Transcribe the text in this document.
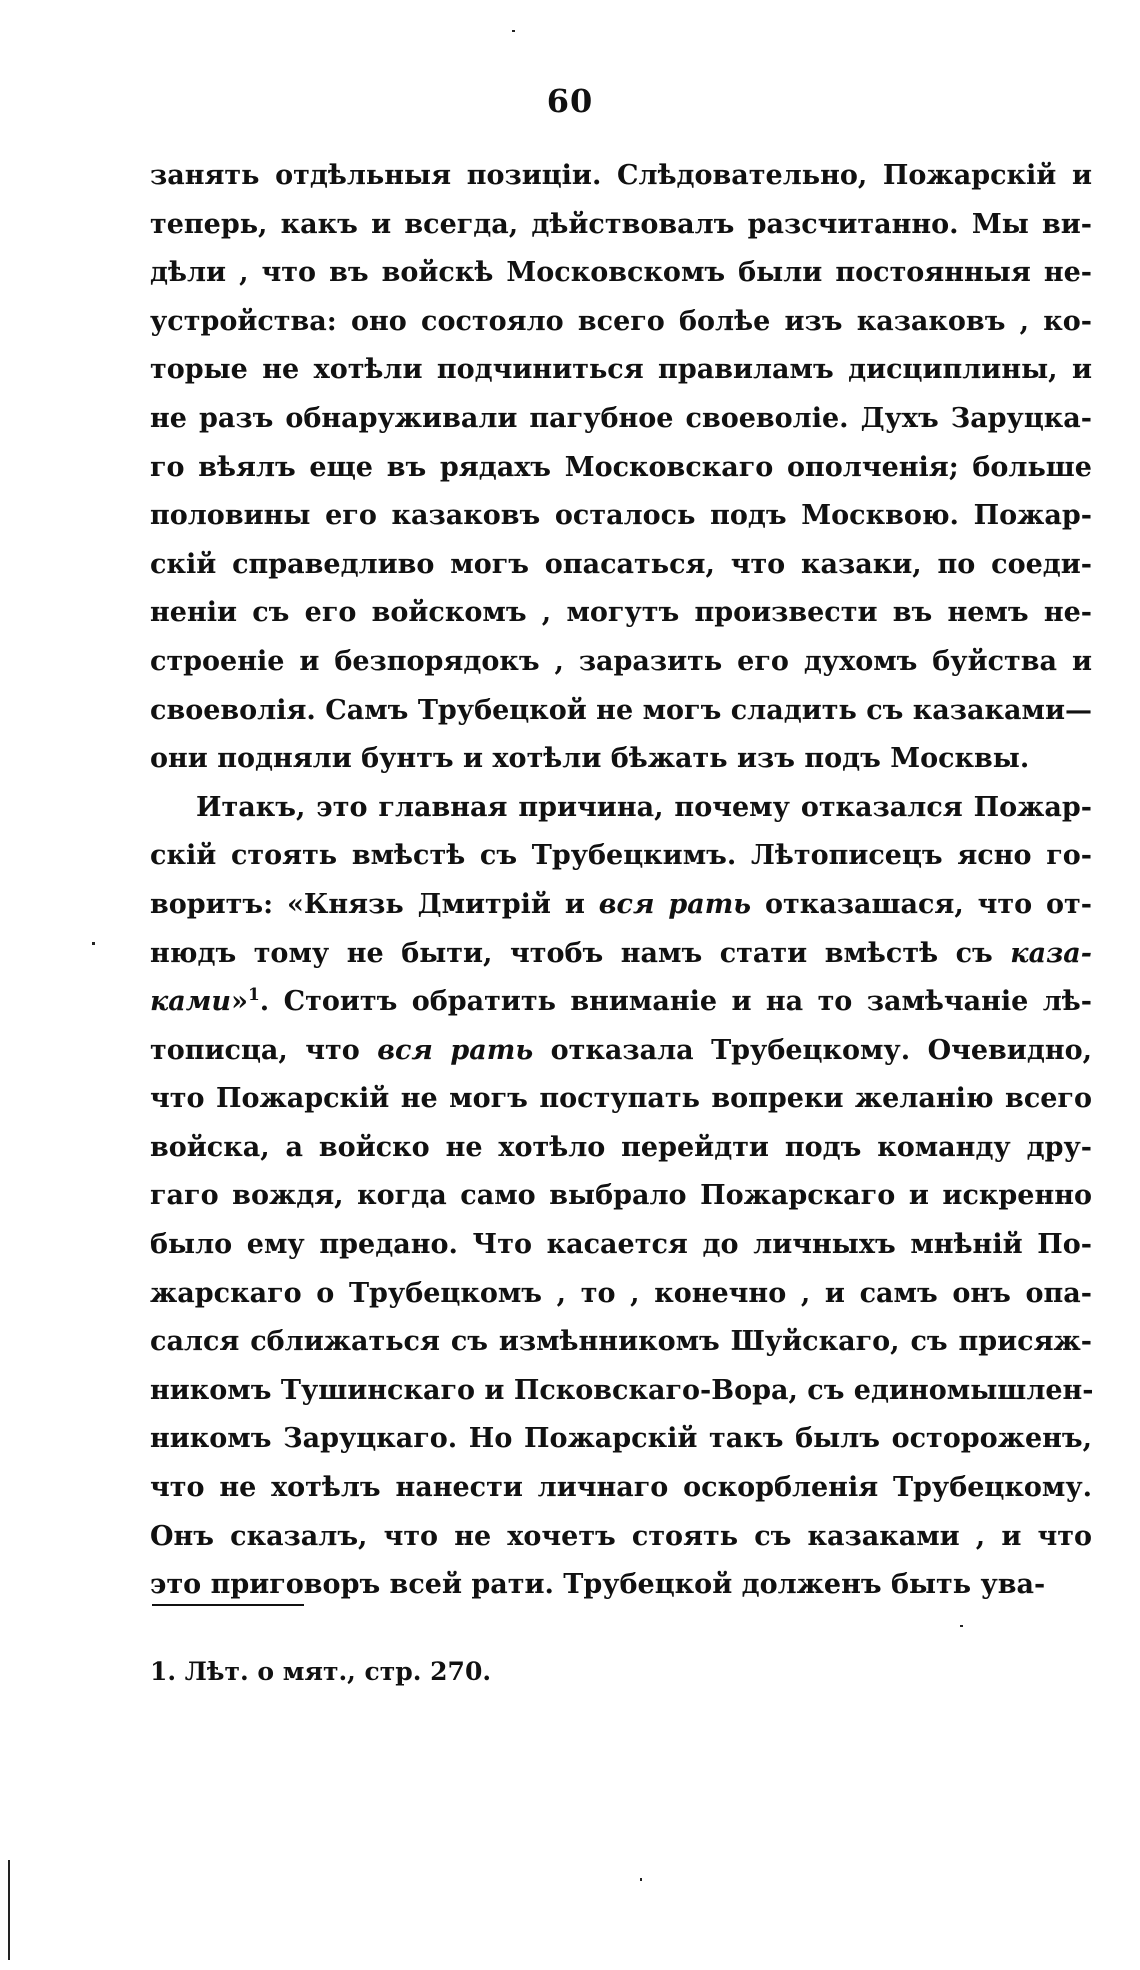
60
занять отдѣльныя позиціи. Слѣдовательно, Пожарскій и
теперь, какъ и всегда, дѣйствовалъ разсчитанно. Мы ви-
дѣли , что въ войскѣ Московскомъ были постоянныя не-
устройства: оно состояло всего болѣе изъ казаковъ , ко-
торые не хотѣли подчиниться правиламъ дисциплины, и
не разъ обнаруживали пагубное своеволіе. Духъ Заруцка-
го вѣялъ еще въ рядахъ Московскаго ополченія; больше
половины его казаковъ осталось подъ Москвою. Пожар-
скій справедливо могъ опасаться, что казаки, по соеди-
неніи съ его войскомъ , могутъ произвести въ немъ не-
строеніе и безпорядокъ , заразить его духомъ буйства и
своеволія. Самъ Трубецкой не могъ сладить съ казаками—
они подняли бунтъ и хотѣли бѣжать изъ подъ Москвы.
Итакъ, это главная причина, почему отказался Пожар-
скій стоять вмѣстѣ съ Трубецкимъ. Лѣтописецъ ясно го-
воритъ: «Князь Дмитрій и вся рать отказашася, что от-
нюдъ тому не быти, чтобъ намъ стати вмѣстѣ съ каза-
ками»$^1$. Стоитъ обратить вниманіе и на то замѣчаніе лѣ-
тописца, что вся рать отказала Трубецкому. Очевидно,
что Пожарскій не могъ поступать вопреки желанію всего
войска, а войско не хотѣло перейдти подъ команду дру-
гаго вождя, когда само выбрало Пожарскаго и искренно
было ему предано. Что касается до личныхъ мнѣній По-
жарскаго о Трубецкомъ , то , конечно , и самъ онъ опа-
сался сближаться съ измѣнникомъ Шуйскаго, съ присяж-
никомъ Тушинскаго и Псковскаго-Вора, съ единомышлен-
никомъ Заруцкаго. Но Пожарскій такъ былъ остороженъ,
что не хотѣлъ нанести личнаго оскорбленія Трубецкому.
Онъ сказалъ, что не хочетъ стоять съ казаками , и что
это приговоръ всей рати. Трубецкой долженъ быть ува-
1. Лѣт. о мят., стр. 270.
